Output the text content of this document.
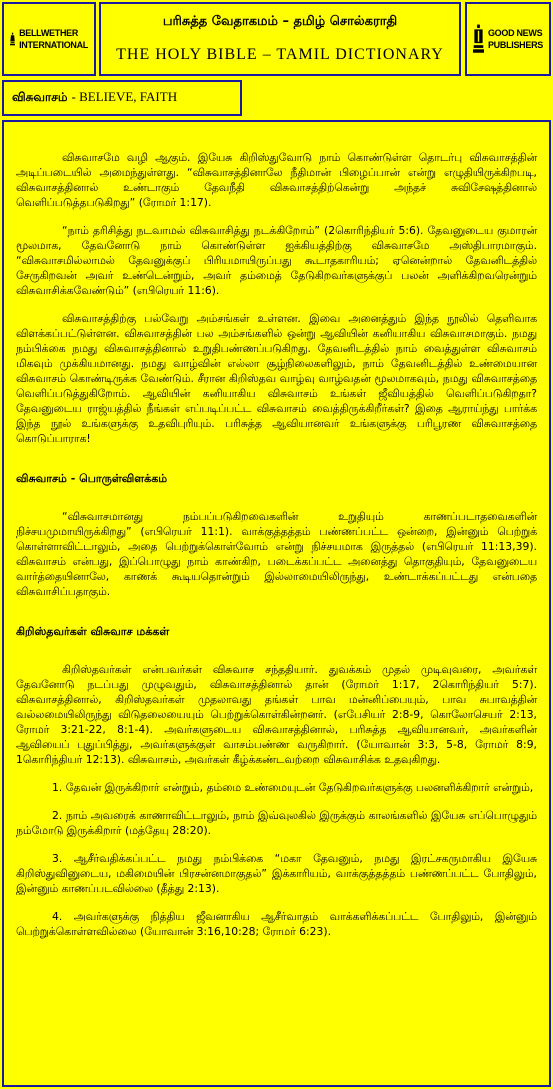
BELLWETHER
INTERNATIONAL
பரிசுத்த வேதாகமம் – தமிழ் சொல்கராதி
THE HOLY BIBLE – TAMIL DICTIONARY
GOOD NEWS
PUBLISHERS
விசுவாசம் - BELIEVE, FAITH

விசுவாசமே வழி ஆகும். இயேசு கிறிஸ்துவோடு நாம் கொண்டுள்ள தொடர்பு விசுவாசத்தின் அடிப்படையில் அமைந்துள்ளது. “விசுவாசத்தினாலே நீதிமான் பிழைப்பான் என்று எழுதியிருக்கிறபடி, விசுவாசத்தினால் உண்டாகும் தேவநீதி விசுவாசத்திற்கென்று அந்தச் சுவிசேஷத்தினால் வெளிப்படுத்தபடுகிறது” (ரோமர் 1:17).

“நாம் தரிசித்து நடவாமல் விசுவாசித்து நடக்கிறோம்” (2கொரிந்தியர் 5:6). தேவனுடைய குமாரன் மூலமாக, தேவனோடு நாம் கொண்டுள்ள ஐக்கியத்திற்கு விசுவாசமே அஸ்திபாரமாகும். “விசுவாசமில்லாமல் தேவனுக்குப் பிரியமாயிருப்பது கூடாதகாரியம்; ஏனென்றால் தேவனிடத்தில் சேருகிறவன் அவர் உண்டென்றும், அவர் தம்மைத் தேடுகிறவர்களுக்குப் பலன் அளிக்கிறவரென்றும் விசுவாசிக்கவேண்டும்” (எபிரெயர் 11:6).

விசுவாசத்திற்கு பல்வேறு அம்சங்கள் உள்ளன. இவை அனைத்தும் இந்த நூலில் தெளிவாக விளக்கப்பட்டுள்ளன. விசுவாசத்தின் பல அம்சங்களில் ஒன்று ஆவியின் கனியாகிய விசுவாசமாகும். நமது நம்பிக்கை நமது விசுவாசத்தினால் உறுதிபண்ணப்படுகிறது. தேவனிடத்தில் நாம் வைத்துள்ள விசுவாசம் மிகவும் முக்கியமானது. நமது வாழ்வின் எல்லா சூழ்நிலைகளிலும், நாம் தேவனிடத்தில் உண்மையான விசுவாசம் கொண்டிருக்க வேண்டும். சீரான கிறிஸ்தவ வாழ்வு வாழ்வதன் மூலமாகவும், நமது விசுவாசத்தை வெளிப்படுத்துகிறோம். ஆவியின் கனியாகிய விசுவாசம் உங்கள் ஜீவியத்தில் வெளிப்படுகிறதா? தேவனுடைய ராஜ்யத்தில் நீங்கள் எப்படிப்பட்ட விசுவாசம் வைத்திருக்கிறீர்கள்? இதை ஆராய்ந்து பார்க்க இந்த நூல் உங்களுக்கு உதவிபுரியும். பரிசுத்த ஆவியானவர் உங்களுக்கு பரிபூரண விசுவாசத்தை கொடுப்பாராக!

விசுவாசம் - பொருள்விளக்கம்

“விசுவாசமானது நம்பப்படுகிறவைகளின் உறுதியும் காணப்படாதவைகளின் நிச்சயமுமாயிருக்கிறது” (எபிரெயர் 11:1). வாக்குத்தத்தம் பண்ணப்பட்ட ஒன்றை, இன்னும் பெற்றுக் கொள்ளாவிட்டாலும், அதை பெற்றுக்கொள்வோம் என்று நிச்சயமாக இருத்தல் (எபிரெயர் 11:13,39). விசுவாசம் என்பது, இப்பொழுது நாம் காண்கிற, படைக்கப்பட்ட அனைத்து தொகுதியும், தேவனுடைய வார்த்தையினாலே, காணக் கூடியதொன்றும் இல்லாமையிலிருந்து, உண்டாக்கப்பட்டது என்பதை விசுவாசிப்பதாகும்.

கிறிஸ்தவர்கள் விசுவாச மக்கள்

கிறிஸ்தவர்கள் என்பவர்கள் விசுவாச சந்ததியார். துவக்கம் முதல் முடிவுவரை, அவர்கள் தேவனோடு நடப்பது முழுவதும், விசுவாசத்தினால் தான் (ரோமர் 1:17, 2கொரிந்தியர் 5:7). விசுவாசத்தினால், கிறிஸ்தவர்கள் முதலாவது தங்கள் பாவ மன்னிப்பையும், பாவ சுபாவத்தின் வல்லமையிலிருந்து விடுதலையையும் பெற்றுக்கொள்கின்றனர். (எபேசியர் 2:8-9, கொலோசெயர் 2:13, ரோமர் 3:21-22, 8:1-4). அவர்களுடைய விசுவாசத்தினால், பரிசுத்த ஆவியானவர், அவர்களின் ஆவியைப் புதுப்பித்து, அவர்களுக்குள் வாசம்பண்ண வருகிறார். (யோவான் 3:3, 5-8, ரோமர் 8:9, 1கொரிந்தியர் 12:13). விசுவாசம், அவர்கள் கீழ்க்கண்டவற்றை விசுவாசிக்க உதவுகிறது.

1. தேவன் இருக்கிறார் என்றும், தம்மை உண்மையுடன் தேடுகிறவர்களுக்கு பலனளிக்கிறார் என்றும்,

2. நாம் அவரைக் காணாவிட்டாலும், நாம் இவ்வுலகில் இருக்கும் காலங்களில் இயேசு எப்பொழுதும் நம்மோடு இருக்கிறார் (மத்தேயு 28:20).

3. ஆசீர்வதிக்கப்பட்ட நமது நம்பிக்கை “மகா தேவனும், நமது இரட்சகருமாகிய இயேசு கிறிஸ்துவினுடைய, மகிமையின் பிரசன்னமாகுதல்” இக்காரியம், வாக்குத்தத்தம் பண்ணப்பட்ட போதிலும், இன்னும் காணப்படவில்லை (தீத்து 2:13).

4. அவர்களுக்கு நித்திய ஜீவனாகிய ஆசீர்வாதம் வாக்களிக்கப்பட்ட போதிலும், இன்னும் பெற்றுக்கொள்ளவில்லை (யோவான் 3:16,10:28; ரோமர் 6:23).
